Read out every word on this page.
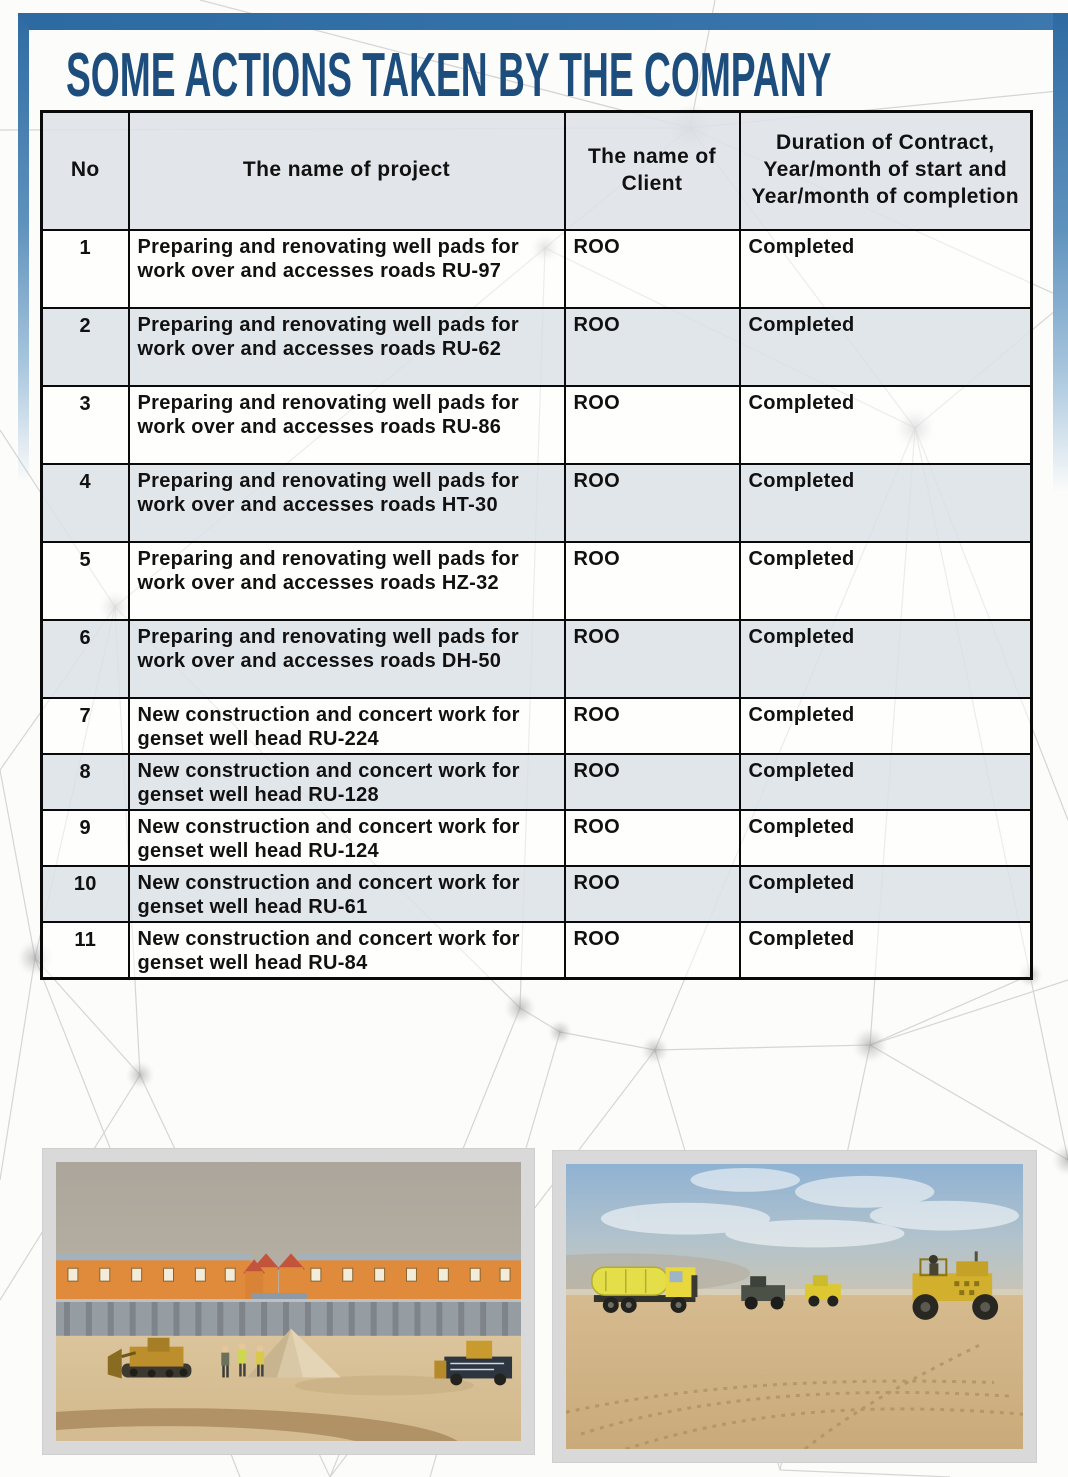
SOME ACTIONS TAKEN BY THE COMPANY
No	The name of project	The name of Client	Duration of Contract, Year/month of start and Year/month of completion
1	Preparing and renovating well pads for work over and accesses roads RU-97	ROO	Completed
2	Preparing and renovating well pads for work over and accesses roads RU-62	ROO	Completed
3	Preparing and renovating well pads for work over and accesses roads RU-86	ROO	Completed
4	Preparing and renovating well pads for work over and accesses roads HT-30	ROO	Completed
5	Preparing and renovating well pads for work over and accesses roads HZ-32	ROO	Completed
6	Preparing and renovating well pads for work over and accesses roads DH-50	ROO	Completed
7	New construction and concert work for genset well head RU-224	ROO	Completed
8	New construction and concert work for genset well head RU-128	ROO	Completed
9	New construction and concert work for genset well head RU-124	ROO	Completed
10	New construction and concert work for genset well head RU-61	ROO	Completed
11	New construction and concert work for genset well head RU-84	ROO	Completed
